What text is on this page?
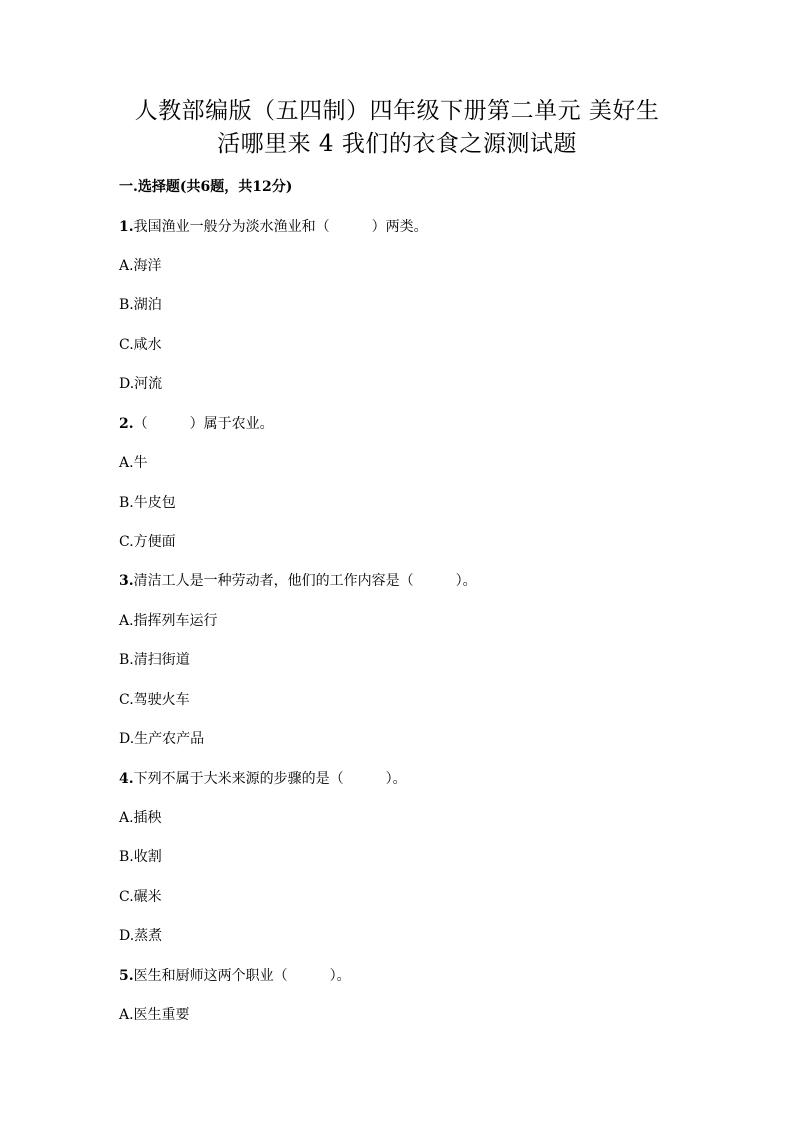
人教部编版（五四制）四年级下册第二单元 美好生
活哪里来 4 我们的衣食之源测试题

一.选择题(共6题，共12分)

1.我国渔业一般分为淡水渔业和（　　　）两类。

A.海洋

B.湖泊

C.咸水

D.河流

2.（　　　）属于农业。

A.牛

B.牛皮包

C.方便面

3.清洁工人是一种劳动者，他们的工作内容是（　　　）。

A.指挥列车运行

B.清扫街道

C.驾驶火车

D.生产农产品

4.下列不属于大米来源的步骤的是（　　　）。

A.插秧

B.收割

C.碾米

D.蒸煮

5.医生和厨师这两个职业（　　　）。

A.医生重要
